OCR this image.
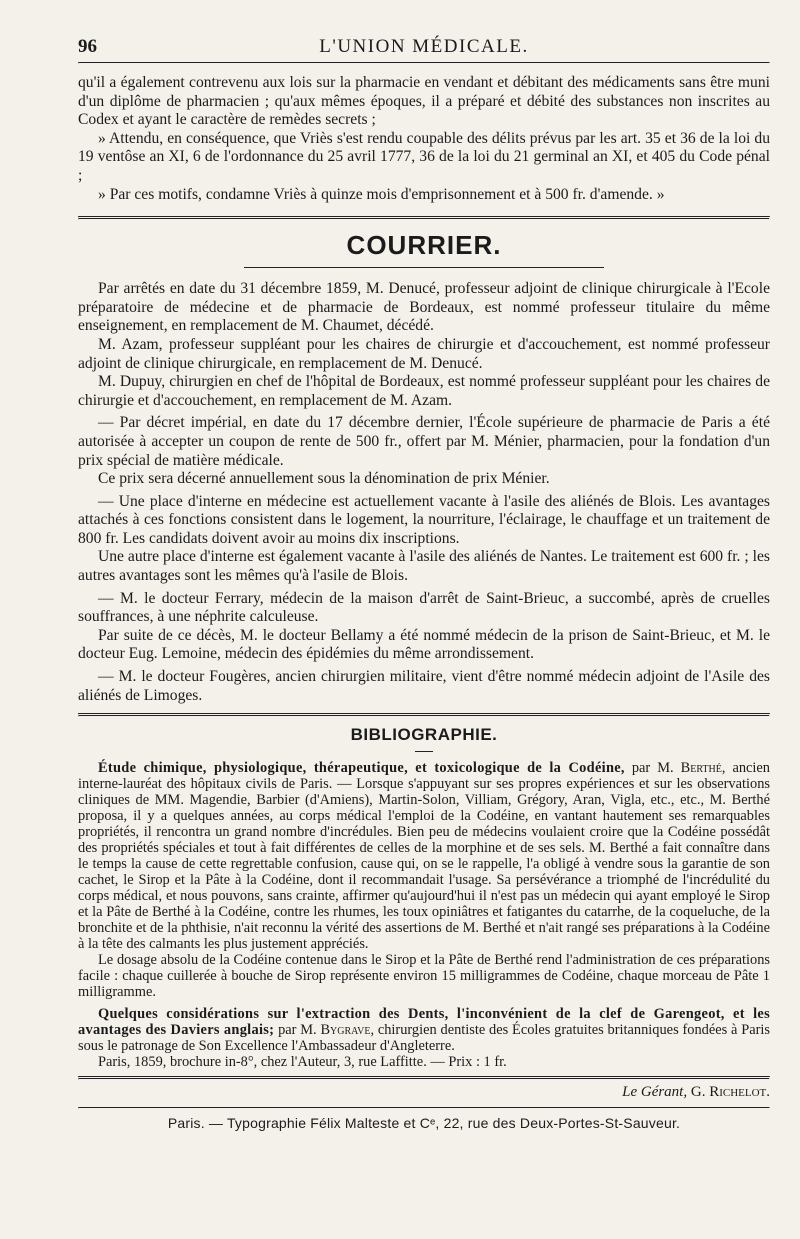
96	L'UNION MÉDICALE.

qu'il a également contrevenu aux lois sur la pharmacie en vendant et débitant des médicaments sans être muni d'un diplôme de pharmacien ; qu'aux mêmes époques, il a préparé et débité des substances non inscrites au Codex et ayant le caractère de remèdes secrets ;

» Attendu, en conséquence, que Vriès s'est rendu coupable des délits prévus par les art. 35 et 36 de la loi du 19 ventôse an XI, 6 de l'ordonnance du 25 avril 1777, 36 de la loi du 21 germinal an XI, et 405 du Code pénal ;

» Par ces motifs, condamne Vriès à quinze mois d'emprisonnement et à 500 fr. d'amende. »

COURRIER.

Par arrêtés en date du 31 décembre 1859, M. Denucé, professeur adjoint de clinique chirurgicale à l'Ecole préparatoire de médecine et de pharmacie de Bordeaux, est nommé professeur titulaire du même enseignement, en remplacement de M. Chaumet, décédé.

M. Azam, professeur suppléant pour les chaires de chirurgie et d'accouchement, est nommé professeur adjoint de clinique chirurgicale, en remplacement de M. Denucé.

M. Dupuy, chirurgien en chef de l'hôpital de Bordeaux, est nommé professeur suppléant pour les chaires de chirurgie et d'accouchement, en remplacement de M. Azam.

— Par décret impérial, en date du 17 décembre dernier, l'École supérieure de pharmacie de Paris a été autorisée à accepter un coupon de rente de 500 fr., offert par M. Ménier, pharmacien, pour la fondation d'un prix spécial de matière médicale.

Ce prix sera décerné annuellement sous la dénomination de prix Ménier.

— Une place d'interne en médecine est actuellement vacante à l'asile des aliénés de Blois. Les avantages attachés à ces fonctions consistent dans le logement, la nourriture, l'éclairage, le chauffage et un traitement de 800 fr. Les candidats doivent avoir au moins dix inscriptions.

Une autre place d'interne est également vacante à l'asile des aliénés de Nantes. Le traitement est 600 fr. ; les autres avantages sont les mêmes qu'à l'asile de Blois.

— M. le docteur Ferrary, médecin de la maison d'arrêt de Saint-Brieuc, a succombé, après de cruelles souffrances, à une néphrite calculeuse.

Par suite de ce décès, M. le docteur Bellamy a été nommé médecin de la prison de Saint-Brieuc, et M. le docteur Eug. Lemoine, médecin des épidémies du même arrondissement.

— M. le docteur Fougères, ancien chirurgien militaire, vient d'être nommé médecin adjoint de l'Asile des aliénés de Limoges.

BIBLIOGRAPHIE.

Étude chimique, physiologique, thérapeutique, et toxicologique de la Codéine, par M. Berthé, ancien interne-lauréat des hôpitaux civils de Paris. — Lorsque s'appuyant sur ses propres expériences et sur les observations cliniques de MM. Magendie, Barbier (d'Amiens), Martin-Solon, Villiam, Grégory, Aran, Vigla, etc., etc., M. Berthé proposa, il y a quelques années, au corps médical l'emploi de la Codéine, en vantant hautement ses remarquables propriétés, il rencontra un grand nombre d'incrédules. Bien peu de médecins voulaient croire que la Codéine possédât des propriétés spéciales et tout à fait différentes de celles de la morphine et de ses sels. M. Berthé a fait connaître dans le temps la cause de cette regrettable confusion, cause qui, on se le rappelle, l'a obligé à vendre sous la garantie de son cachet, le Sirop et la Pâte à la Codéine, dont il recommandait l'usage. Sa persévérance a triomphé de l'incrédulité du corps médical, et nous pouvons, sans crainte, affirmer qu'aujourd'hui il n'est pas un médecin qui ayant employé le Sirop et la Pâte de Berthé à la Codéine, contre les rhumes, les toux opiniâtres et fatigantes du catarrhe, de la coqueluche, de la bronchite et de la phthisie, n'ait reconnu la vérité des assertions de M. Berthé et n'ait rangé ses préparations à la Codéine à la tête des calmants les plus justement appréciés.

Le dosage absolu de la Codéine contenue dans le Sirop et la Pâte de Berthé rend l'administration de ces préparations facile : chaque cuillerée à bouche de Sirop représente environ 15 milligrammes de Codéine, chaque morceau de Pâte 1 milligramme.

Quelques considérations sur l'extraction des Dents, l'inconvénient de la clef de Garengeot, et les avantages des Daviers anglais; par M. Bygrave, chirurgien dentiste des Écoles gratuites britanniques fondées à Paris sous le patronage de Son Excellence l'Ambassadeur d'Angleterre.

Paris, 1859, brochure in-8°, chez l'Auteur, 3, rue Laffitte. — Prix : 1 fr.

Le Gérant, G. Richelot.
Paris. — Typographie Félix Malteste et Cᵉ, 22, rue des Deux-Portes-St-Sauveur.
